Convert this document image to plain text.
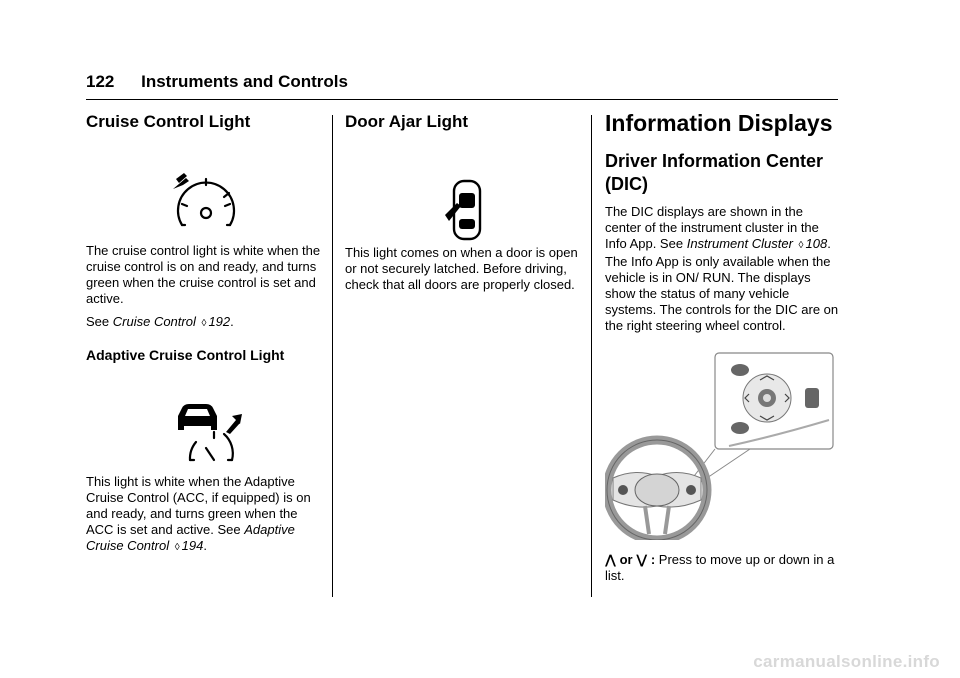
122 Instruments and Controls
Cruise Control Light

The cruise control light is white when the cruise control is on and ready, and turns green when the cruise control is set and active.

See Cruise Control ◊ 192.

Adaptive Cruise Control Light

This light is white when the Adaptive Cruise Control (ACC, if equipped) is on and ready, and turns green when the ACC is set and active. See Adaptive Cruise Control ◊ 194.

Door Ajar Light

This light comes on when a door is open or not securely latched. Before driving, check that all doors are properly closed.

Information Displays
Driver Information Center (DIC)

The DIC displays are shown in the center of the instrument cluster in the Info App. See Instrument Cluster ◊ 108. The Info App is only available when the vehicle is in ON/ RUN. The displays show the status of many vehicle systems. The controls for the DIC are on the right steering wheel control.

⋀ or ⋁ : Press to move up or down in a list.

carmanualsonline.info
